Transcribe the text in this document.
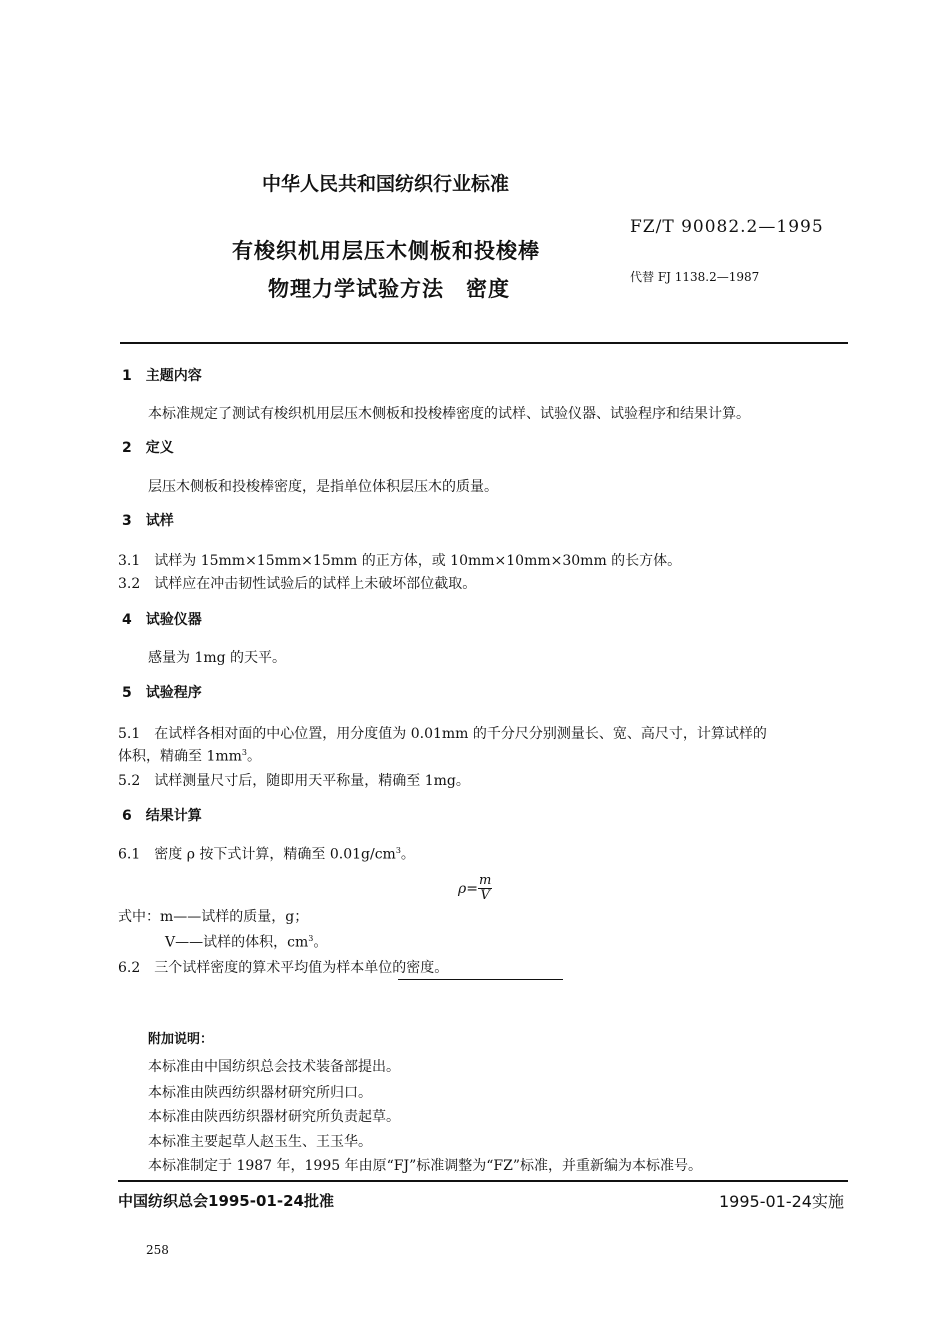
中华人民共和国纺织行业标准
FZ/T 90082.2—1995
有梭织机用层压木侧板和投梭棒
代替 FJ 1138.2—1987
物理力学试验方法　密度
1　主题内容
本标准规定了测试有梭织机用层压木侧板和投梭棒密度的试样、试验仪器、试验程序和结果计算。
2　定义
层压木侧板和投梭棒密度，是指单位体积层压木的质量。
3　试样
3.1　试样为 15mm×15mm×15mm 的正方体，或 10mm×10mm×30mm 的长方体。
3.2　试样应在冲击韧性试验后的试样上未破坏部位截取。
4　试验仪器
感量为 1mg 的天平。
5　试验程序
5.1　在试样各相对面的中心位置，用分度值为 0.01mm 的千分尺分别测量长、宽、高尺寸，计算试样的
体积，精确至 $1mm^3$。
5.2　试样测量尺寸后，随即用天平称量，精确至 1mg。
6　结果计算
6.1　密度 ρ 按下式计算，精确至 $0.01g/cm^3$。
$\rho= \frac{m}{V}$
式中：m——试样的质量，g；
V——试样的体积，$cm^3$。
6.2　三个试样密度的算术平均值为样本单位的密度。
附加说明：
本标准由中国纺织总会技术装备部提出。
本标准由陕西纺织器材研究所归口。
本标准由陕西纺织器材研究所负责起草。
本标准主要起草人赵玉生、王玉华。
本标准制定于 1987 年，1995 年由原“FJ”标准调整为“FZ”标准，并重新编为本标准号。
中国纺织总会1995-01-24批准	1995-01-24实施
258
